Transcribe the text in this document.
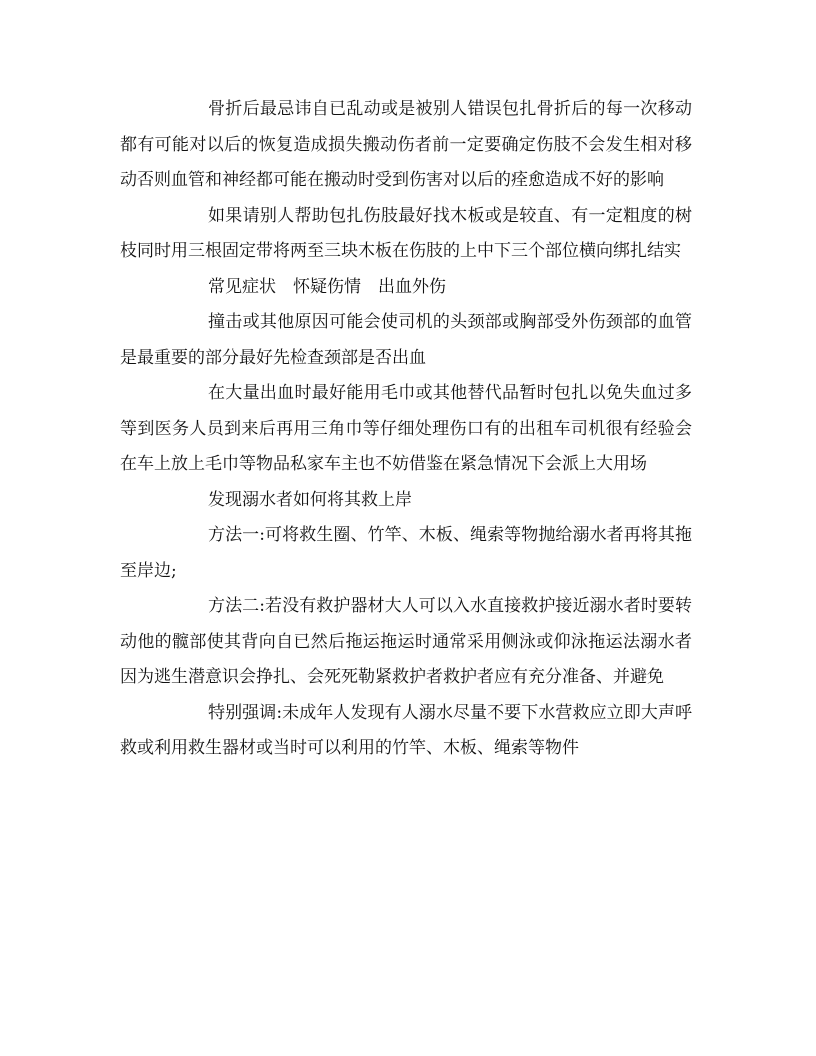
骨折后最忌讳自已乱动或是被别人错误包扎骨折后的每一次移动都有可能对以后的恢复造成损失搬动伤者前一定要确定伤肢不会发生相对移动否则血管和神经都可能在搬动时受到伤害对以后的痊愈造成不好的影响

如果请别人帮助包扎伤肢最好找木板或是较直、有一定粗度的树枝同时用三根固定带将两至三块木板在伤肢的上中下三个部位横向绑扎结实

常见症状　怀疑伤情　出血外伤

撞击或其他原因可能会使司机的头颈部或胸部受外伤颈部的血管是最重要的部分最好先检查颈部是否出血

在大量出血时最好能用毛巾或其他替代品暂时包扎以免失血过多等到医务人员到来后再用三角巾等仔细处理伤口有的出租车司机很有经验会在车上放上毛巾等物品私家车主也不妨借鉴在紧急情况下会派上大用场

发现溺水者如何将其救上岸

方法一:可将救生圈、竹竿、木板、绳索等物抛给溺水者再将其拖至岸边;

方法二:若没有救护器材大人可以入水直接救护接近溺水者时要转动他的髋部使其背向自已然后拖运拖运时通常采用侧泳或仰泳拖运法溺水者因为逃生潜意识会挣扎、会死死勒紧救护者救护者应有充分准备、并避免

特别强调:未成年人发现有人溺水尽量不要下水营救应立即大声呼救或利用救生器材或当时可以利用的竹竿、木板、绳索等物件
